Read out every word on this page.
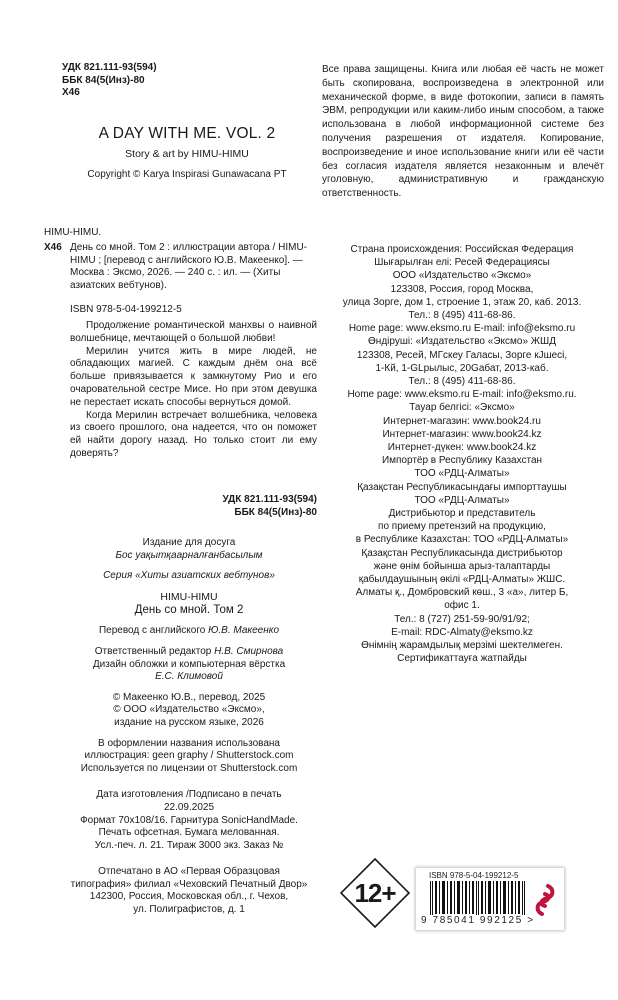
УДК 821.111-93(594)
ББК 84(5(Инз)-80
Х46
A DAY WITH ME. VOL. 2
Story & art by HIMU-HIMU
Copyright © Karya Inspirasi Gunawacana PT
HIMU-HIMU.
Х46 День со мной. Том 2 : иллюстрации автора / HIMU-HIMU ; [перевод с английского Ю.В. Макеенко]. — Москва : Эксмо, 2026. — 240 с. : ил. — (Хиты азиатских вебтунов).
ISBN 978-5-04-199212-5

Продолжение романтической манхвы о наивной волшебнице, мечтающей о большой любви!

Мерилин учится жить в мире людей, не обладающих магией. С каждым днём она всё больше привязывается к замкнутому Рио и его очаровательной сестре Мисе. Но при этом девушка не перестает искать способы вернуться домой.

Когда Мерилин встречает волшебника, человека из своего прошлого, она надеется, что он поможет ей найти дорогу назад. Но только стоит ли ему доверять?

УДК 821.111-93(594)
ББК 84(5(Инз)-80
Издание для досуга
Бос уақытқаарналғанбасылым
Серия «Хиты азиатских вебтунов»
HIMU-HIMU
День со мной. Том 2
Перевод с английского Ю.В. Макеенко
Ответственный редактор Н.В. Смирнова
Дизайн обложки и компьютерная вёрстка
Е.С. Климовой
© Макеенко Ю.В., перевод, 2025
© ООО «Издательство «Эксмо»,
издание на русском языке, 2026
В оформлении названия использована
иллюстрация: geen graphy / Shutterstock.com
Используется по лицензии от Shutterstock.com
Дата изготовления /Подписано в печать
22.09.2025
Формат 70x108/16. Гарнитура SonicHandMade.
Печать офсетная. Бумага мелованная.
Усл.-печ. л. 21. Тираж 3000 экз. Заказ №
Отпечатано в АО «Первая Образцовая
типография» филиал «Чеховский Печатный Двор»
142300, Россия, Московская обл., г. Чехов,
ул. Полиграфистов, д. 1
Все права защищены. Книга или любая её часть не может быть скопирована, воспроизведена в электронной или механической форме, в виде фотокопии, записи в память ЭВМ, репродукции или каким-либо иным способом, а также использована в любой информационной системе без получения разрешения от издателя. Копирование, воспроизведение и иное использование книги или её части без согласия издателя является незаконным и влечёт уголовную, административную и гражданскую ответственность.
Страна происхождения: Российская Федерация
Шығарылған елі: Ресей Федерациясы
ООО «Издательство «Эксмо»
123308, Россия, город Москва,
улица Зорге, дом 1, строение 1, этаж 20, каб. 2013.
Тел.: 8 (495) 411-68-86.
Home page: www.eksmo.ru E-mail: info@eksmo.ru
Өндіруші: «Издательство «Эксмо» ЖШД
123308, Ресей, МГскеу Галасы, Зорге кJшесі,
1-Кй, 1-GLрылыс, 20Gабат, 2013-каб.
Тел.: 8 (495) 411-68-86.
Home page: www.eksmo.ru E-mail: info@eksmo.ru.
Тауар белгісі: «Эксмо»
Интернет-магазин: www.book24.ru
Интернет-магазин: www.book24.kz
Интернет-дүкен: www.book24.kz
Импортёр в Республику Казахстан
ТОО «РДЦ-Алматы»
Қазақстан Республикасындағы импорттаушы
ТОО «РДЦ-Алматы»
Дистрибьютор и представитель
по приему претензий на продукцию,
в Республике Казахстан: ТОО «РДЦ-Алматы»
Қазақстан Республикасында дистрибьютор
және өнім бойынша арыз-талаптарды
қабылдаушының өкілі «РДЦ-Алматы» ЖШС.
Алматы қ., Домбровский көш., 3 «а», литер Б,
офис 1.
Тел.: 8 (727) 251-59-90/91/92;
E-mail: RDC-Almaty@eksmo.kz
Өнімнің жарамдылық мерзімі шектелмеген.
Сертификаттауға жатпайды
12+
ISBN 978-5-04-199212-5
9 785041 992125 >
